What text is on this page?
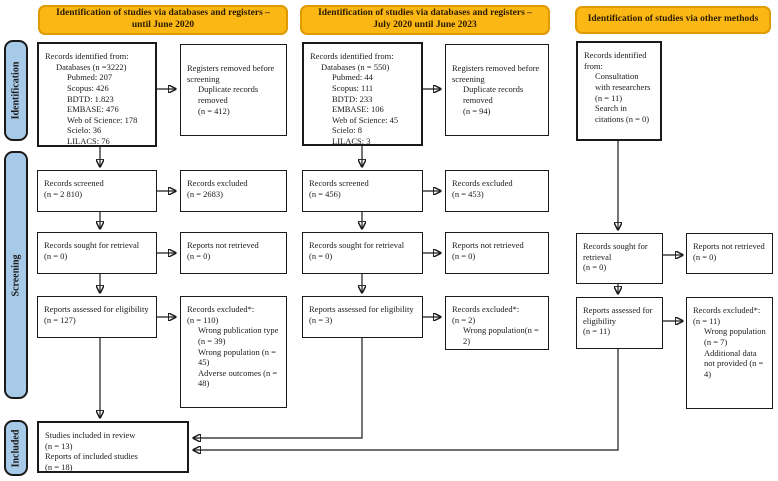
Identification
Screening
Included
Identification of studies via databases and registers – until June 2020
Identification of studies via databases and registers – July 2020 until June 2023
Identification of studies via other methods
Records identified from:
Databases (n =3222)
Pubmed: 207
Scopus: 426
BDTD: 1.823
EMBASE: 476
Web of Science: 178
Scielo: 36
LILACS: 76
Registers removed before screening
Duplicate records removed
(n = 412)
Records screened
(n = 2 810)
Records excluded
(n = 2683)
Records sought for retrieval
(n = 0)
Reports not retrieved
(n = 0)
Reports assessed for eligibility
(n = 127)
Records excluded*:
(n = 110)
Wrong publication type (n = 39)
Wrong population (n = 45)
Adverse outcomes (n = 48)
Studies included in review
(n = 13)
Reports of included studies
(n = 18)
Records identified from:
Databases (n = 550)
Pubmed: 44
Scopus: 111
BDTD: 233
EMBASE: 106
Web of Science: 45
Scielo: 8
LILACS: 3
Registers removed before screening
Duplicate records removed
(n = 94)
Records screened
(n = 456)
Records excluded
(n = 453)
Records sought for retrieval
(n = 0)
Reports not retrieved
(n = 0)
Reports assessed for eligibility
(n = 3)
Records excluded*:
(n = 2)
Wrong population(n = 2)
Records identified from:
Consultation with researchers (n = 11)
Search in citations (n = 0)
Records sought for retrieval
(n = 0)
Reports not retrieved
(n = 0)
Reports assessed for eligibility
(n = 11)
Records excluded*:
(n = 11)
Wrong population (n = 7)
Additional data not provided (n = 4)
